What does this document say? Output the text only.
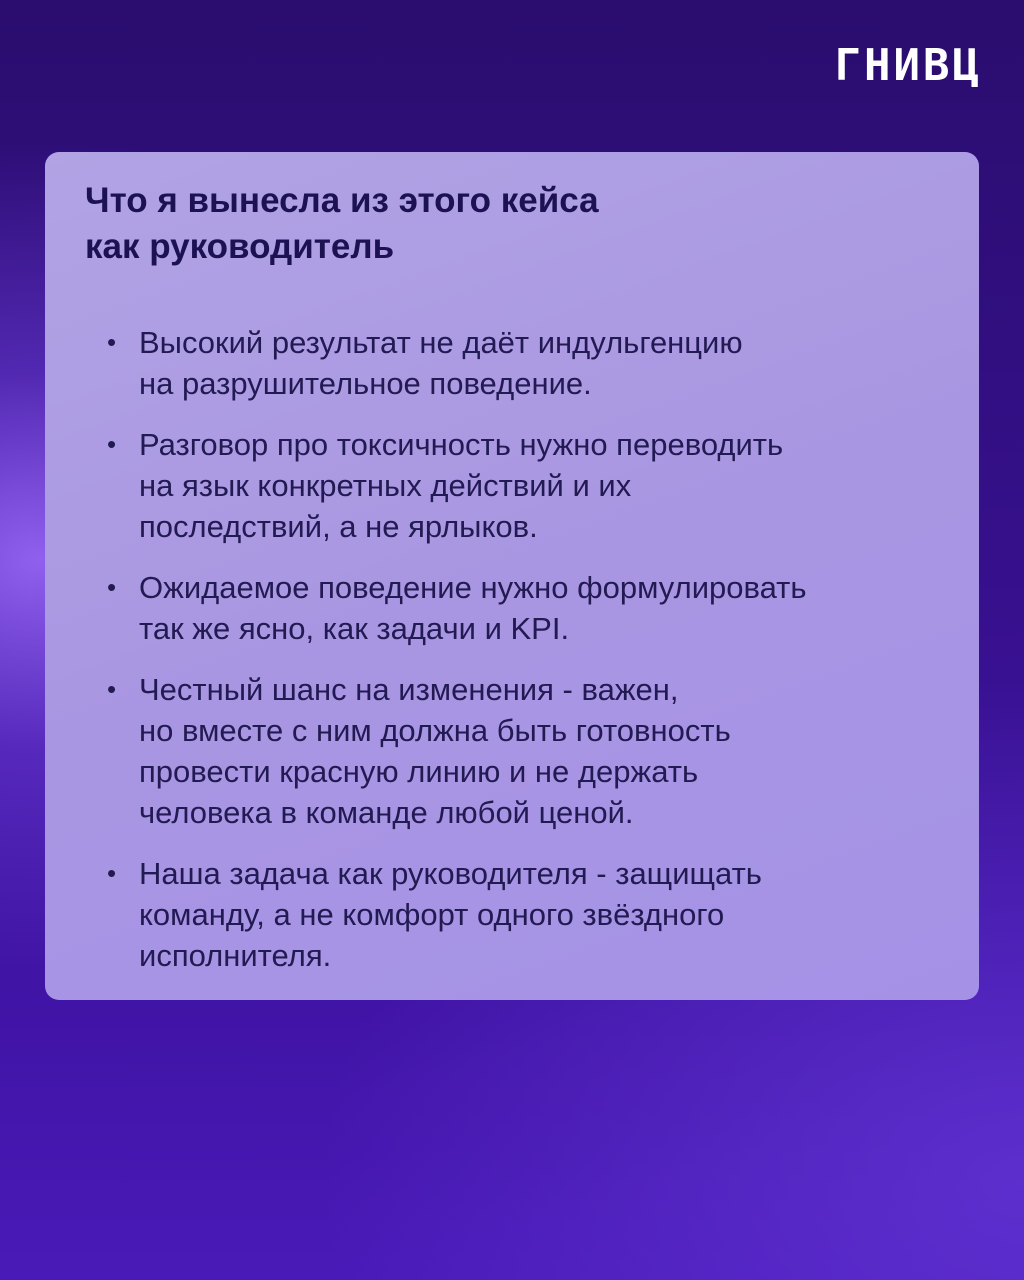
ГНИВЦ
Что я вынесла из этого кейса
как руководитель
• Высокий результат не даёт индульгенцию
на разрушительное поведение.
• Разговор про токсичность нужно переводить
на язык конкретных действий и их
последствий, а не ярлыков.
• Ожидаемое поведение нужно формулировать
так же ясно, как задачи и KPI.
• Честный шанс на изменения - важен,
но вместе с ним должна быть готовность
провести красную линию и не держать
человека в команде любой ценой.
• Наша задача как руководителя - защищать
команду, а не комфорт одного звёздного
исполнителя.
